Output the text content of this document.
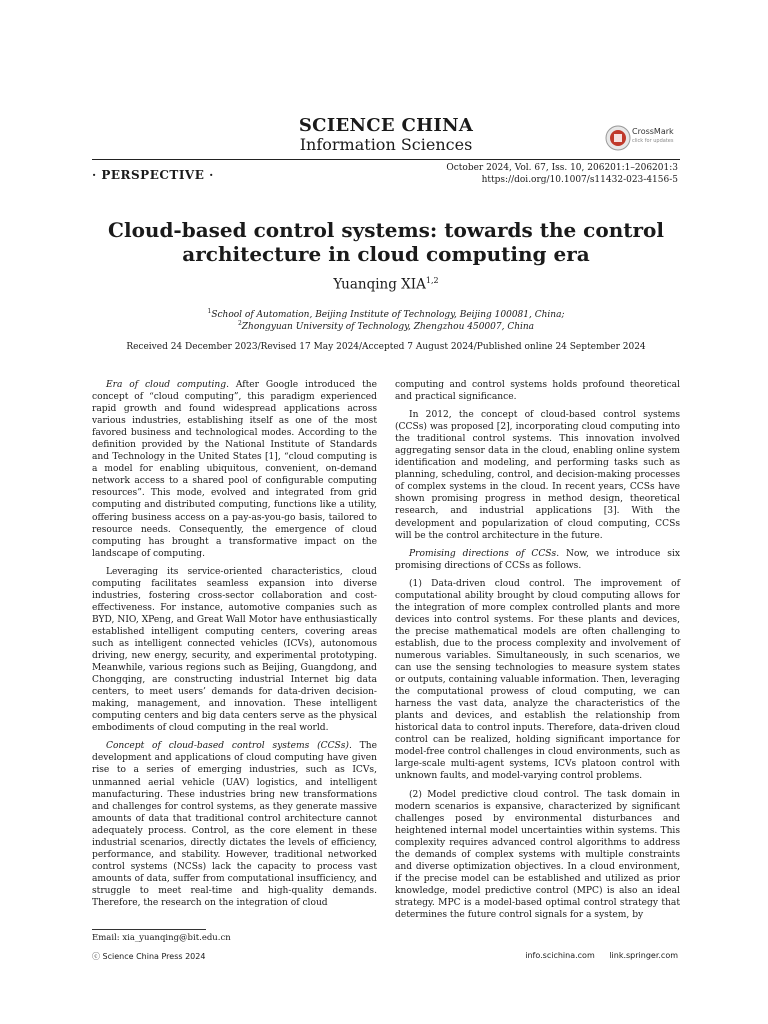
SCIENCE CHINA
Information Sciences
CrossMark
click for updates
· PERSPECTIVE ·	October 2024, Vol. 67, Iss. 10, 206201:1–206201:3
https://doi.org/10.1007/s11432-023-4156-5
Cloud-based control systems: towards the control
architecture in cloud computing era
Yuanqing XIA$^{1,2}$
$^1$School of Automation, Beijing Institute of Technology, Beijing 100081, China;
$^2$Zhongyuan University of Technology, Zhengzhou 450007, China
Received 24 December 2023/Revised 17 May 2024/Accepted 7 August 2024/Published online 24 September 2024

Era of cloud computing. After Google introduced the concept of “cloud computing”, this paradigm experienced rapid growth and found widespread applications across various industries, establishing itself as one of the most favored business and technological modes. According to the definition provided by the National Institute of Standards and Technology in the United States [1], “cloud computing is a model for enabling ubiquitous, convenient, on-demand network access to a shared pool of configurable computing resources”. This mode, evolved and integrated from grid computing and distributed computing, functions like a utility, offering business access on a pay-as-you-go basis, tailored to resource needs. Consequently, the emergence of cloud computing has brought a transformative impact on the landscape of computing.

Leveraging its service-oriented characteristics, cloud computing facilitates seamless expansion into diverse industries, fostering cross-sector collaboration and cost-effectiveness. For instance, automotive companies such as BYD, NIO, XPeng, and Great Wall Motor have enthusiastically established intelligent computing centers, covering areas such as intelligent connected vehicles (ICVs), autonomous driving, new energy, security, and experimental prototyping. Meanwhile, various regions such as Beijing, Guangdong, and Chongqing, are constructing industrial Internet big data centers, to meet users’ demands for data-driven decision-making, management, and innovation. These intelligent computing centers and big data centers serve as the physical embodiments of cloud computing in the real world.

Concept of cloud-based control systems (CCSs). The development and applications of cloud computing have given rise to a series of emerging industries, such as ICVs, unmanned aerial vehicle (UAV) logistics, and intelligent manufacturing. These industries bring new transformations and challenges for control systems, as they generate massive amounts of data that traditional control architecture cannot adequately process. Control, as the core element in these industrial scenarios, directly dictates the levels of efficiency, performance, and stability. However, traditional networked control systems (NCSs) lack the capacity to process vast amounts of data, suffer from computational insufficiency, and struggle to meet real-time and high-quality demands. Therefore, the research on the integration of cloud

computing and control systems holds profound theoretical and practical significance.

In 2012, the concept of cloud-based control systems (CCSs) was proposed [2], incorporating cloud computing into the traditional control systems. This innovation involved aggregating sensor data in the cloud, enabling online system identification and modeling, and performing tasks such as planning, scheduling, control, and decision-making processes of complex systems in the cloud. In recent years, CCSs have shown promising progress in method design, theoretical research, and industrial applications [3]. With the development and popularization of cloud computing, CCSs will be the control architecture in the future.

Promising directions of CCSs. Now, we introduce six promising directions of CCSs as follows.

(1) Data-driven cloud control. The improvement of computational ability brought by cloud computing allows for the integration of more complex controlled plants and more devices into control systems. For these plants and devices, the precise mathematical models are often challenging to establish, due to the process complexity and involvement of numerous variables. Simultaneously, in such scenarios, we can use the sensing technologies to measure system states or outputs, containing valuable information. Then, leveraging the computational prowess of cloud computing, we can harness the vast data, analyze the characteristics of the plants and devices, and establish the relationship from historical data to control inputs. Therefore, data-driven cloud control can be realized, holding significant importance for model-free control challenges in cloud environments, such as large-scale multi-agent systems, ICVs platoon control with unknown faults, and model-varying control problems.

(2) Model predictive cloud control. The task domain in modern scenarios is expansive, characterized by significant challenges posed by environmental disturbances and heightened internal model uncertainties within systems. This complexity requires advanced control algorithms to address the demands of complex systems with multiple constraints and diverse optimization objectives. In a cloud environment, if the precise model can be established and utilized as prior knowledge, model predictive control (MPC) is also an ideal strategy. MPC is a model-based optimal control strategy that determines the future control signals for a system, by

Email: xia_yuanqing@bit.edu.cn
ⓒ Science China Press 2024	info.scichina.com link.springer.com
